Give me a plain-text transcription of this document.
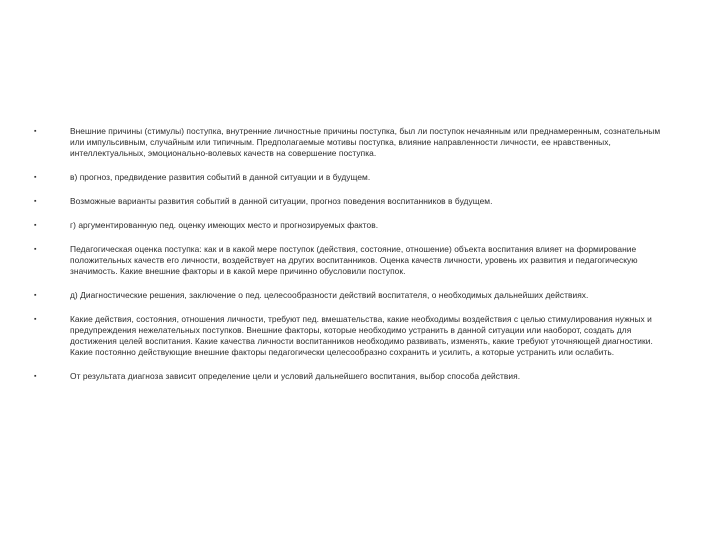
▪	Внешние причины (стимулы) поступка, внутренние личностные причины поступка, был ли поступок нечаянным или преднамеренным, сознательным или импульсивным, случайным или типичным. Предполагаемые мотивы поступка, влияние направленности личности, ее нравственных, интеллектуальных, эмоционально-волевых качеств на совершение поступка.
▪	в) прогноз, предвидение развития событий в данной ситуации и в будущем.
▪	Возможные варианты развития событий в данной ситуации, прогноз поведения воспитанников в будущем.
▪	г) аргументированную пед. оценку имеющих место и прогнозируемых фактов.
▪	Педагогическая оценка поступка: как и в какой мере поступок (действия, состояние, отношение) объекта воспитания влияет на формирование положительных качеств его личности, воздействует на других воспитанников. Оценка качеств личности, уровень их развития и педагогическую значимость. Какие внешние факторы и в какой мере причинно обусловили поступок.
▪	д) Диагностические решения, заключение о пед. целесообразности действий воспитателя, о необходимых дальнейших действиях.
▪	Какие действия, состояния, отношения личности, требуют пед. вмешательства, какие необходимы воздействия с целью стимулирования нужных и предупреждения нежелательных поступков. Внешние факторы, которые необходимо устранить в данной ситуации или наоборот, создать для достижения целей воспитания. Какие качества личности воспитанников необходимо развивать, изменять, какие требуют уточняющей диагностики. Какие постоянно действующие внешние факторы педагогически целесообразно сохранить и усилить, а которые устранить или ослабить.
▪	От результата диагноза зависит определение цели и условий дальнейшего воспитания, выбор способа действия.
